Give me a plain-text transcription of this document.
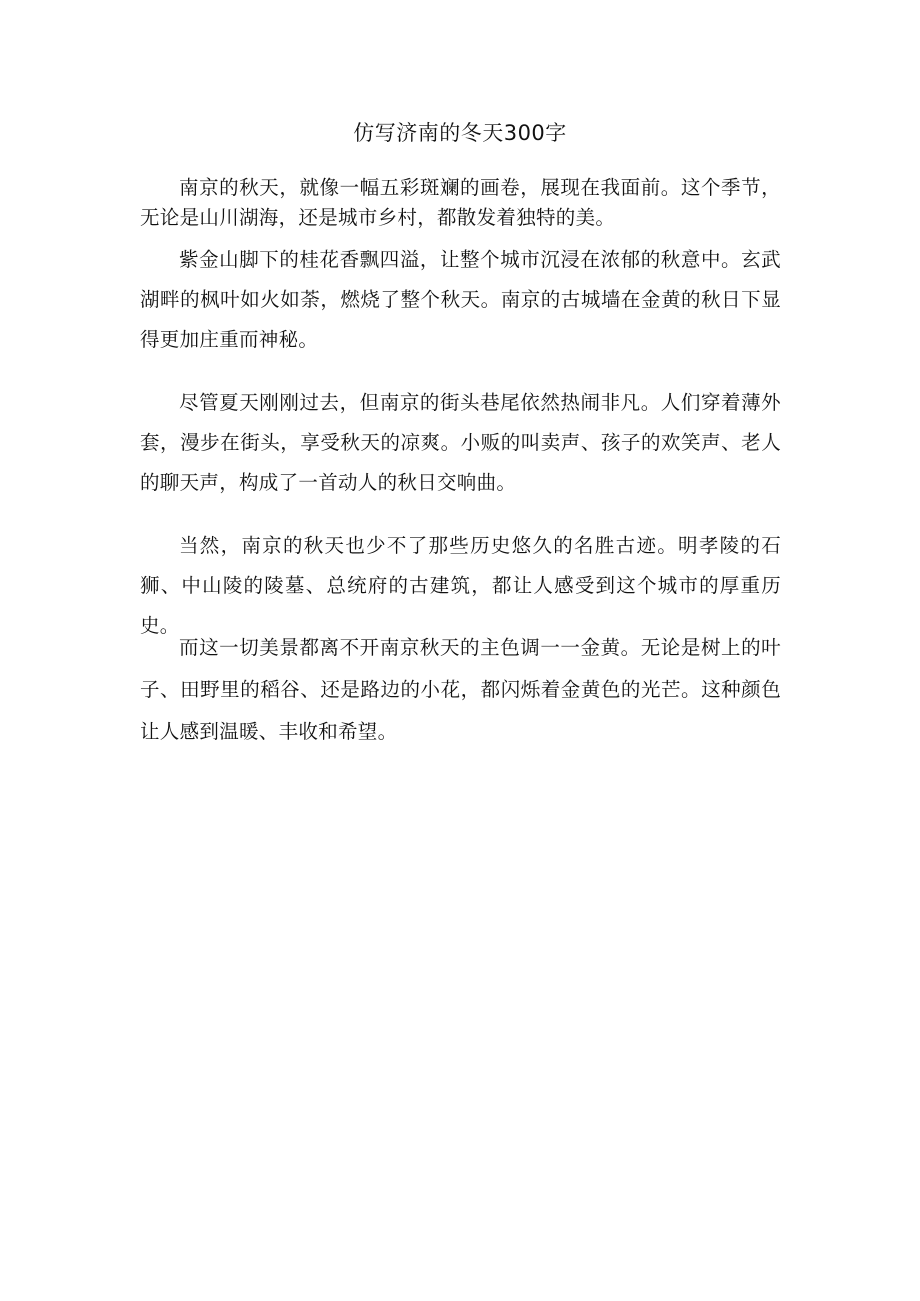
仿写济南的冬天300字

南京的秋天，就像一幅五彩斑斓的画卷，展现在我面前。这个季节，无论是山川湖海，还是城市乡村，都散发着独特的美。

紫金山脚下的桂花香飘四溢，让整个城市沉浸在浓郁的秋意中。玄武湖畔的枫叶如火如荼，燃烧了整个秋天。南京的古城墙在金黄的秋日下显得更加庄重而神秘。

尽管夏天刚刚过去，但南京的街头巷尾依然热闹非凡。人们穿着薄外套，漫步在街头，享受秋天的凉爽。小贩的叫卖声、孩子的欢笑声、老人的聊天声，构成了一首动人的秋日交响曲。

当然，南京的秋天也少不了那些历史悠久的名胜古迹。明孝陵的石狮、中山陵的陵墓、总统府的古建筑，都让人感受到这个城市的厚重历史。

而这一切美景都离不开南京秋天的主色调一一金黄。无论是树上的叶子、田野里的稻谷、还是路边的小花，都闪烁着金黄色的光芒。这种颜色让人感到温暖、丰收和希望。
